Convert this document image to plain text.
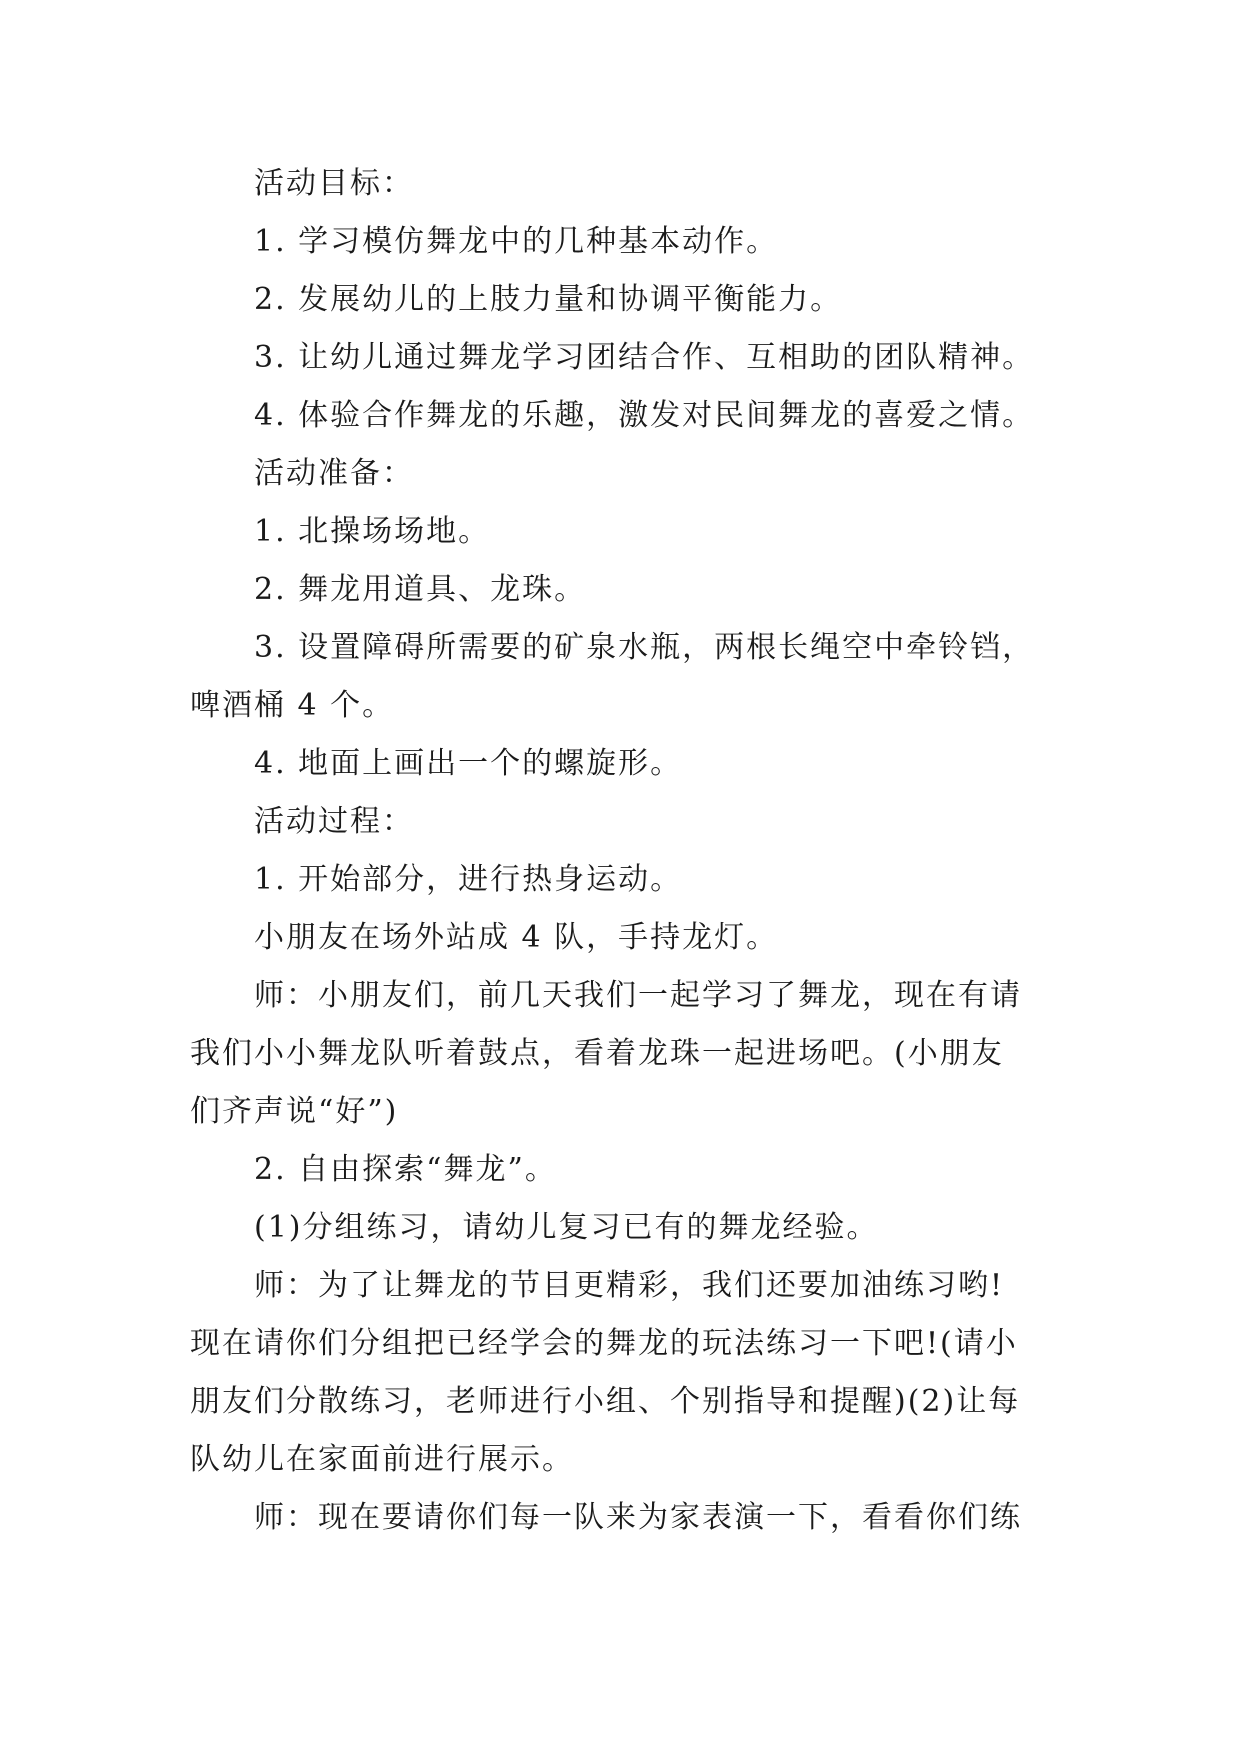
活动目标：
1. 学习模仿舞龙中的几种基本动作。
2. 发展幼儿的上肢力量和协调平衡能力。
3. 让幼儿通过舞龙学习团结合作、互相助的团队精神。
4. 体验合作舞龙的乐趣，激发对民间舞龙的喜爱之情。
活动准备：
1. 北操场场地。
2. 舞龙用道具、龙珠。
3. 设置障碍所需要的矿泉水瓶，两根长绳空中牵铃铛，
啤酒桶 4 个。
4. 地面上画出一个的螺旋形。
活动过程：
1. 开始部分，进行热身运动。
小朋友在场外站成 4 队，手持龙灯。
师：小朋友们，前几天我们一起学习了舞龙，现在有请
我们小小舞龙队听着鼓点，看着龙珠一起进场吧。(小朋友
们齐声说“好”)
2. 自由探索“舞龙”。
(1)分组练习，请幼儿复习已有的舞龙经验。
师：为了让舞龙的节目更精彩，我们还要加油练习哟!
现在请你们分组把已经学会的舞龙的玩法练习一下吧!(请小
朋友们分散练习，老师进行小组、个别指导和提醒)(2)让每
队幼儿在家面前进行展示。
师：现在要请你们每一队来为家表演一下，看看你们练
